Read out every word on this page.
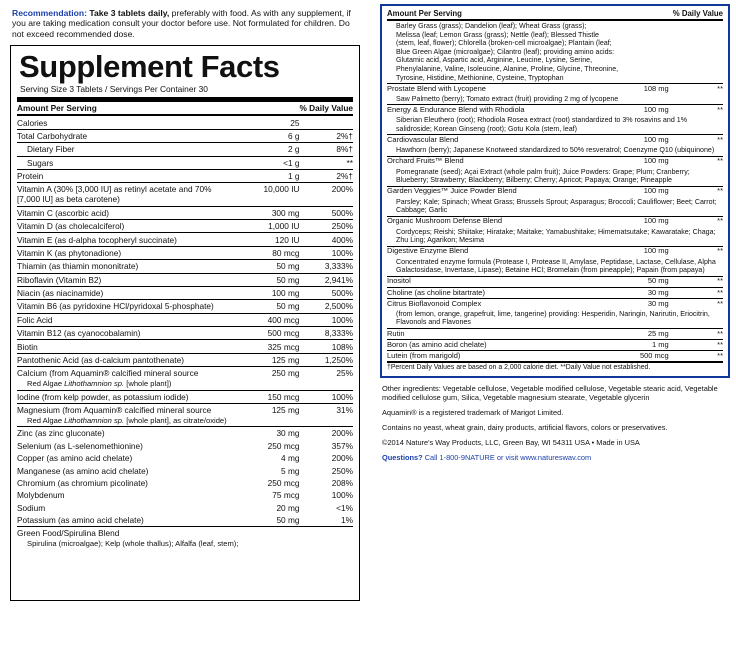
Recommendation: Take 3 tablets daily, preferably with food. As with any supplement, if you are taking medication consult your doctor before use. Not formulated for children. Do not exceed recommended dose.
Supplement Facts
Serving Size 3 Tablets / Servings Per Container 30
Amount Per Serving		% Daily Value
Calories	25	
Total Carbohydrate	6 g	2%†
Dietary Fiber	2 g	8%†
Sugars	<1 g	**
Protein	1 g	2%†
Vitamin A (30% [3,000 IU] as retinyl acetate and 70% [7,000 IU] as beta carotene)	10,000 IU	200%
Vitamin C (ascorbic acid)	300 mg	500%
Vitamin D (as cholecalciferol)	1,000 IU	250%
Vitamin E (as d-alpha tocopheryl succinate)	120 IU	400%
Vitamin K (as phytonadione)	80 mcg	100%
Thiamin (as thiamin mononitrate)	50 mg	3,333%
Riboflavin (Vitamin B2)	50 mg	2,941%
Niacin (as niacinamide)	100 mg	500%
Vitamin B6 (as pyridoxine HCl/pyridoxal 5-phosphate)	50 mg	2,500%
Folic Acid	400 mcg	100%
Vitamin B12 (as cyanocobalamin)	500 mcg	8,333%
Biotin	325 mcg	108%
Pantothenic Acid (as d-calcium pantothenate)	125 mg	1,250%
Calcium (from Aquamin® calcified mineral source
Red Algae Lithothamnion sp. [whole plant])	250 mg	25%
Iodine (from kelp powder, as potassium iodide)	150 mcg	100%
Magnesium (from Aquamin® calcified mineral source
Red Algae Lithothamnion sp. [whole plant], as citrate/oxide)	125 mg	31%
Zinc (as zinc gluconate)	30 mg	200%
Selenium (as L-selenomethionine)	250 mcg	357%
Copper (as amino acid chelate)	4 mg	200%
Manganese (as amino acid chelate)	5 mg	250%
Chromium (as chromium picolinate)	250 mcg	208%
Molybdenum	75 mcg	100%
Sodium	20 mg	<1%
Potassium (as amino acid chelate)	50 mg	1%
Green Food/Spirulina Blend
Spirulina (microalgae); Kelp (whole thallus); Alfalfa (leaf, stem);		
Amount Per Serving		% Daily Value
Barley Grass (grass); Dandelion (leaf); Wheat Grass (grass);
Melissa (leaf; Lemon Grass (grass); Nettle (leaf); Blessed Thistle
(stem, leaf, flower); Chlorella (broken-cell microalgae); Plantain (leaf;
Blue Green Algae (microalgae); Cilantro (leaf); providing amino acids:
Glutamic acid, Aspartic acid, Arginine, Leucine, Lysine, Serine,
Phenylalanine, Valine, Isoleucine, Alanine, Proline, Glycine, Threonine,
Tyrosine, Histidine, Methionine, Cysteine, Tryptophan
Prostate Blend with Lycopene	108 mg	**
Saw Palmetto (berry); Tomato extract (fruit) providing 2 mg of lycopene		
Energy & Endurance Blend with Rhodiola	100 mg	**
Siberian Eleuthero (root); Rhodiola Rosea extract (root) standardized to 3% rosavins and 1% salidroside; Korean Ginseng (root); Gotu Kola (stem, leaf)		
Cardiovascular Blend	100 mg	**
Hawthorn (berry); Japanese Knotweed standardized to 50% resveratrol; Coenzyme Q10 (ubiquinone)		
Orchard Fruits™ Blend	100 mg	**
Pomegranate (seed); Açai Extract (whole palm fruit); Juice Powders: Grape; Plum; Cranberry; Blueberry; Strawberry; Blackberry; Bilberry; Cherry; Apricot; Papaya; Orange; Pineapple		
Garden Veggies™ Juice Powder Blend	100 mg	**
Parsley; Kale; Spinach; Wheat Grass; Brussels Sprout; Asparagus; Broccoli; Cauliflower; Beet; Carrot; Cabbage; Garlic		
Organic Mushroom Defense Blend	100 mg	**
Cordyceps; Reishi; Shiitake; Hiratake; Maitake; Yamabushitake; Himematsutake; Kawaratake; Chaga; Zhu Ling; Agarikon; Mesima		
Digestive Enzyme Blend	100 mg	**
Concentrated enzyme formula (Protease I, Protease II, Amylase, Peptidase, Lactase, Cellulase, Alpha Galactosidase, Invertase, Lipase); Betaine HCl; Bromelain (from pineapple); Papain (from papaya)		
Inositol	50 mg	**
Choline (as choline bitartrate)	30 mg	**
Citrus Bioflavonoid Complex	30 mg	**
(from lemon, orange, grapefruit, lime, tangerine) providing: Hesperidin, Naringin, Narirutin, Eriocitrin, Flavonols and Flavones		
Rutin	25 mg	**
Boron (as amino acid chelate)	1 mg	**
Lutein (from marigold)	500 mcg	**
†Percent Daily Values are based on a 2,000 calorie diet. **Daily Value not established.		

Other ingredients: Vegetable cellulose, Vegetable modified cellulose, Vegetable stearic acid, Vegetable modified cellulose gum, Silica, Vegetable magnesium stearate, Vegetable glycerin

Aquamin® is a registered trademark of Marigot Limited.

Contains no yeast, wheat grain, dairy products, artificial flavors, colors or preservatives.

©2014 Nature's Way Products, LLC, Green Bay, WI 54311 USA • Made in USA

Questions? Call 1-800-9NATURE or visit www.natureswav.com
